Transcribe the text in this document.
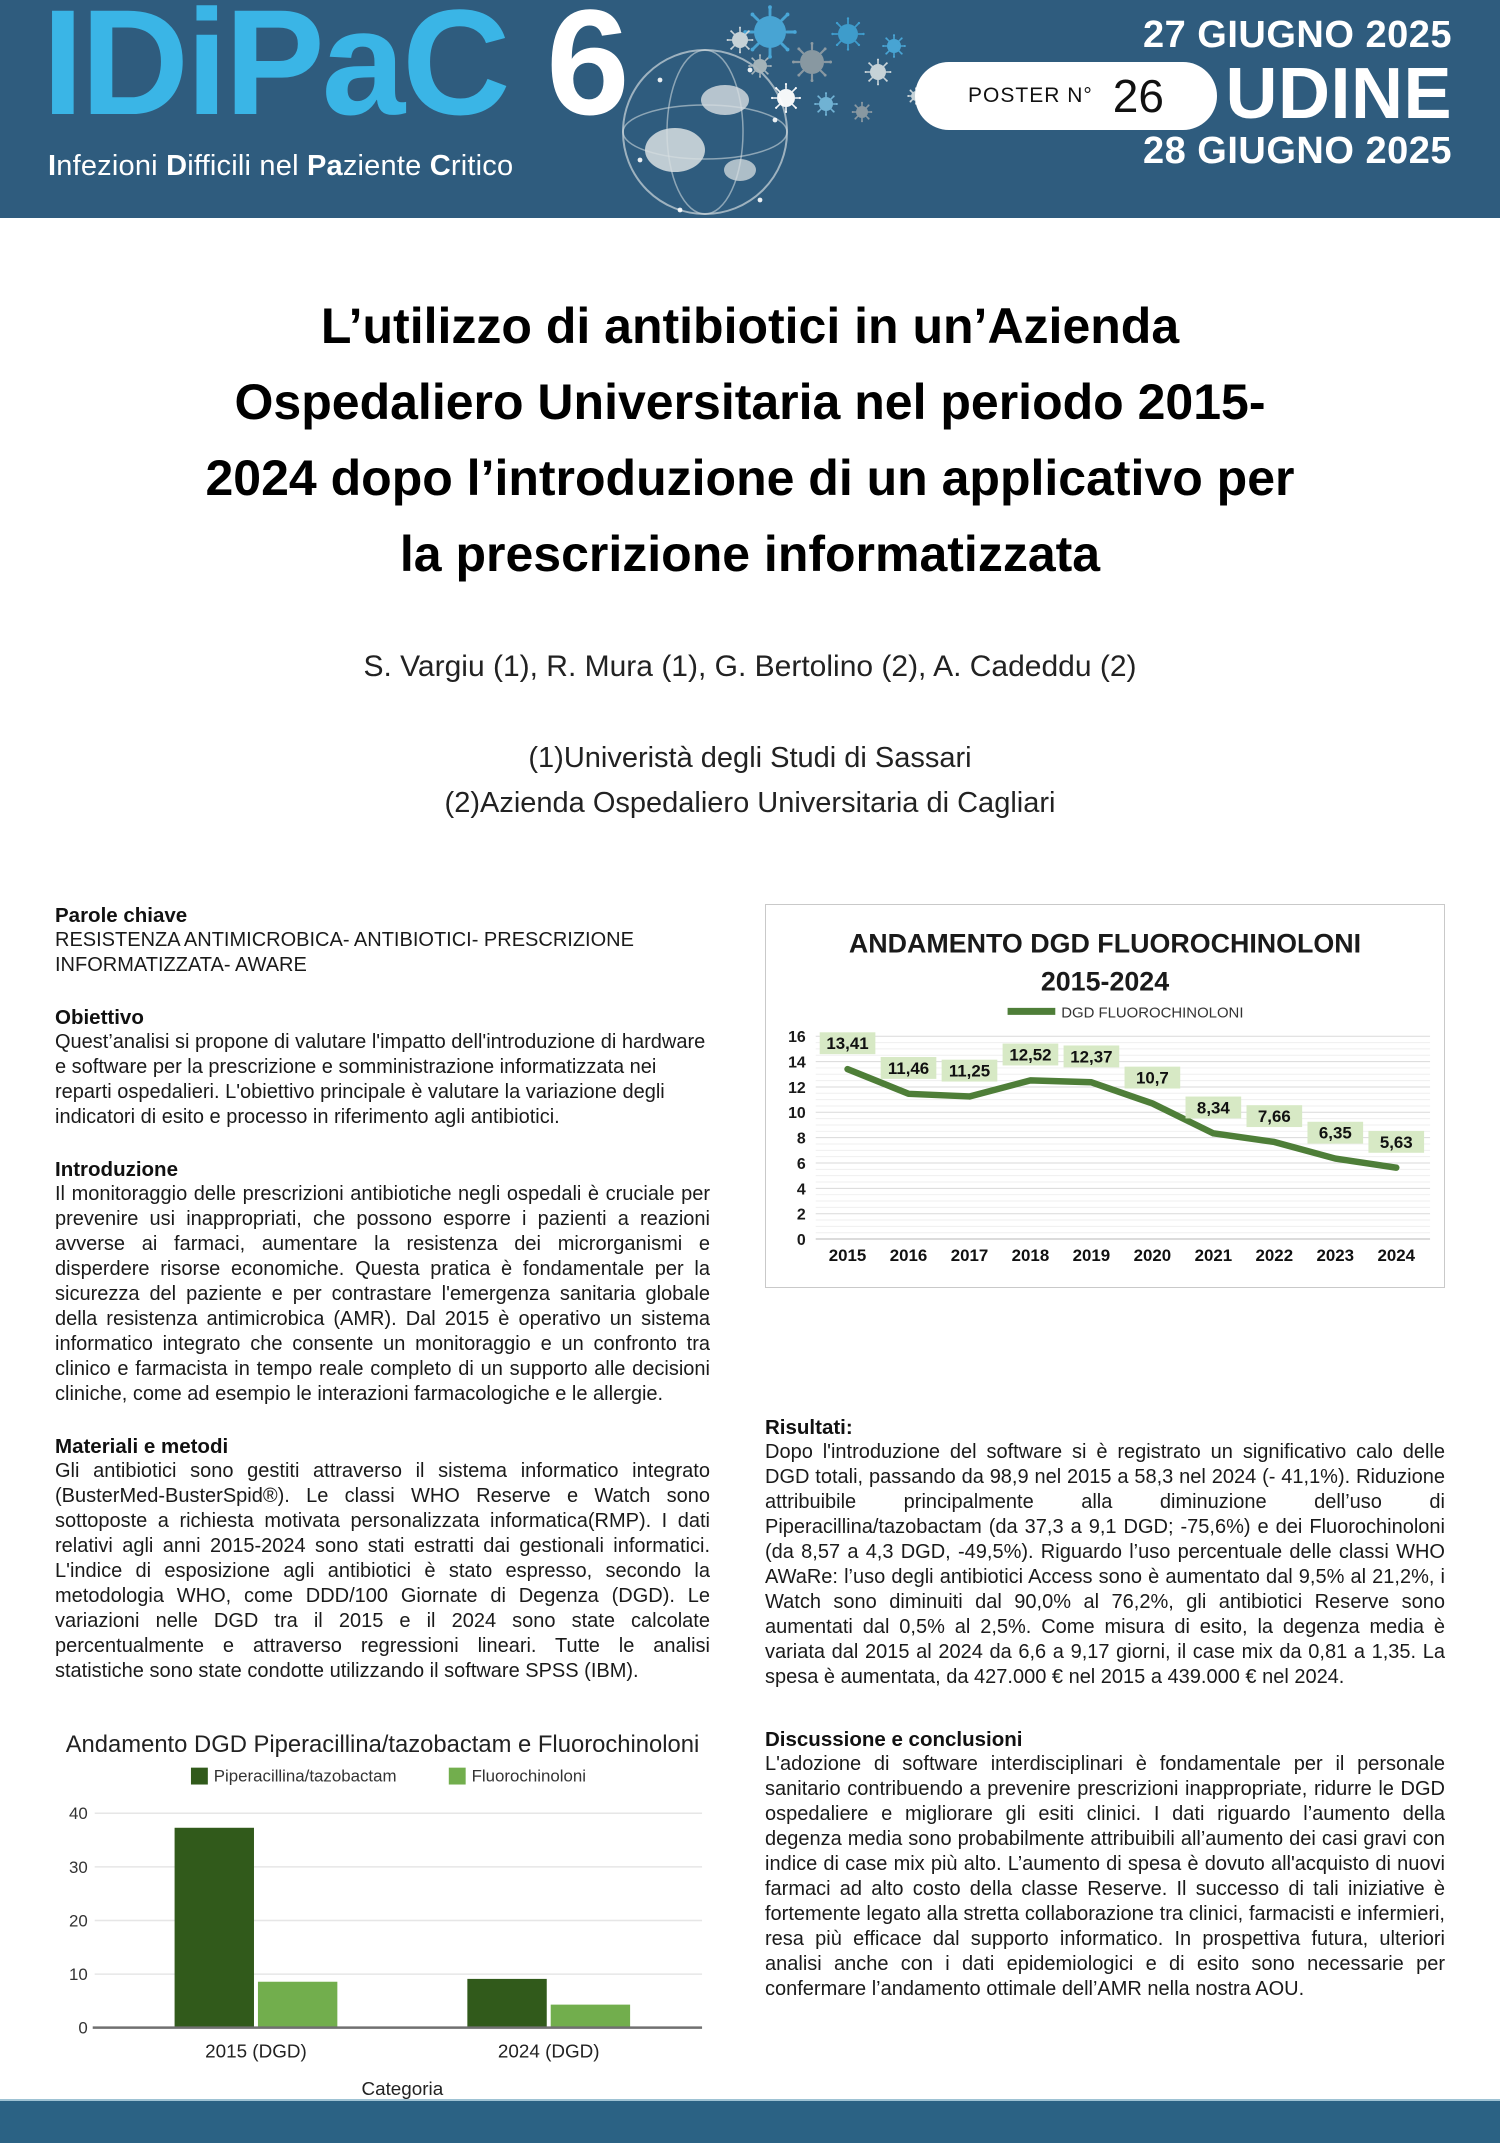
IDiPaC 6
Infezioni Difficili nel Paziente Critico
POSTER N° 26
27 GIUGNO 2025
UDINE
28 GIUGNO 2025
L’utilizzo di antibiotici in un’Azienda
Ospedaliero Universitaria nel periodo 2015-
2024 dopo l’introduzione di un applicativo per
la prescrizione informatizzata
S. Vargiu (1), R. Mura (1), G. Bertolino (2), A. Cadeddu (2)
(1)Univeristà degli Studi di Sassari
(2)Azienda Ospedaliero Universitaria di Cagliari
Parole chiave

RESISTENZA ANTIMICROBICA- ANTIBIOTICI- PRESCRIZIONE INFORMATIZZATA- AWARE

Obiettivo

Quest’analisi si propone di valutare l'impatto dell'introduzione di hardware e software per la prescrizione e somministrazione informatizzata nei reparti ospedalieri. L'obiettivo principale è valutare la variazione degli indicatori di esito e processo in riferimento agli antibiotici.

Introduzione

Il monitoraggio delle prescrizioni antibiotiche negli ospedali è cruciale per prevenire usi inappropriati, che possono esporre i pazienti a reazioni avverse ai farmaci, aumentare la resistenza dei microrganismi e disperdere risorse economiche. Questa pratica è fondamentale per la sicurezza del paziente e per contrastare l'emergenza sanitaria globale della resistenza antimicrobica (AMR). Dal 2015 è operativo un sistema informatico integrato che consente un monitoraggio e un confronto tra clinico e farmacista in tempo reale completo di un supporto alle decisioni cliniche, come ad esempio le interazioni farmacologiche e le allergie.

Materiali e metodi

Gli antibiotici sono gestiti attraverso il sistema informatico integrato (BusterMed-BusterSpid®). Le classi WHO Reserve e Watch sono sottoposte a richiesta motivata personalizzata informatica(RMP). I dati relativi agli anni 2015-2024 sono stati estratti dai gestionali informatici. L'indice di esposizione agli antibiotici è stato espresso, secondo la metodologia WHO, come DDD/100 Giornate di Degenza (DGD). Le variazioni nelle DGD tra il 2015 e il 2024 sono state calcolate percentualmente e attraverso regressioni lineari. Tutte le analisi statistiche sono state condotte utilizzando il software SPSS (IBM).

Andamento DGD Piperacillina/tazobactam e Fluorochinoloni
Piperacillina/tazobactam	Fluorochinoloni
0
10
20
30
40
2015 (DGD)	2024 (DGD)
Categoria
ANDAMENTO DGD FLUOROCHINOLONI
2015-2024
DGD FLUOROCHINOLONI
0
2
4
6
8
10
12
14
16 13,41
2015
11,46
2016
11,25
2017
12,52
2018
12,37
2019
10,7
2020
8,34
2021
7,66
2022
6,35
2023
5,63
2024
Risultati:

Dopo l'introduzione del software si è registrato un significativo calo delle DGD totali, passando da 98,9 nel 2015 a 58,3 nel 2024 (- 41,1%). Riduzione attribuibile principalmente alla diminuzione dell’uso di Piperacillina/tazobactam (da 37,3 a 9,1 DGD; -75,6%) e dei Fluorochinoloni (da 8,57 a 4,3 DGD, -49,5%). Riguardo l’uso percentuale delle classi WHO AWaRe: l’uso degli antibiotici Access sono è aumentato dal 9,5% al 21,2%, i Watch sono diminuiti dal 90,0% al 76,2%, gli antibiotici Reserve sono aumentati dal 0,5% al 2,5%. Come misura di esito, la degenza media è variata dal 2015 al 2024 da 6,6 a 9,17 giorni, il case mix da 0,81 a 1,35. La spesa è aumentata, da 427.000 € nel 2015 a 439.000 € nel 2024.

Discussione e conclusioni

L'adozione di software interdisciplinari è fondamentale per il personale sanitario contribuendo a prevenire prescrizioni inappropriate, ridurre le DGD ospedaliere e migliorare gli esiti clinici. I dati riguardo l’aumento della degenza media sono probabilmente attribuibili all’aumento dei casi gravi con indice di case mix più alto. L’aumento di spesa è dovuto all'acquisto di nuovi farmaci ad alto costo della classe Reserve. Il successo di tali iniziative è fortemente legato alla stretta collaborazione tra clinici, farmacisti e infermieri, resa più efficace dal supporto informatico. In prospettiva futura, ulteriori analisi anche con i dati epidemiologici e di esito sono necessarie per confermare l’andamento ottimale dell’AMR nella nostra AOU.
